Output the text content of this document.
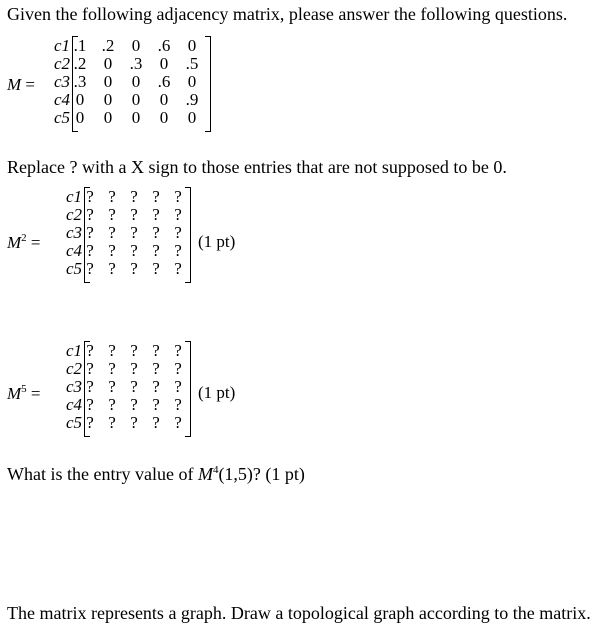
Given the following adjacency matrix, please answer the following questions.
c1 .1 .2	0	.6	0
c2 .2	0	.3	0	.5
c3 .3	0	0	.6	0
c4 0	0	0	0	.9
c5 0	0	0	0	0
M =
Replace ? with a X sign to those entries that are not supposed to be 0.
c1 ? ? ? ? ?
c2 ? ? ? ? ?
c3 ? ? ? ? ?
c4 ? ? ? ? ?
c5 ? ? ? ? ?
$M^2$ =	(1 pt)
c1 ? ? ? ? ?
c2 ? ? ? ? ?
c3 ? ? ? ? ?
c4 ? ? ? ? ?
c5 ? ? ? ? ?
$M^5$ =	(1 pt)
What is the entry value of $M^4(1,5)$? (1 pt)
The matrix represents a graph. Draw a topological graph according to the matrix.
